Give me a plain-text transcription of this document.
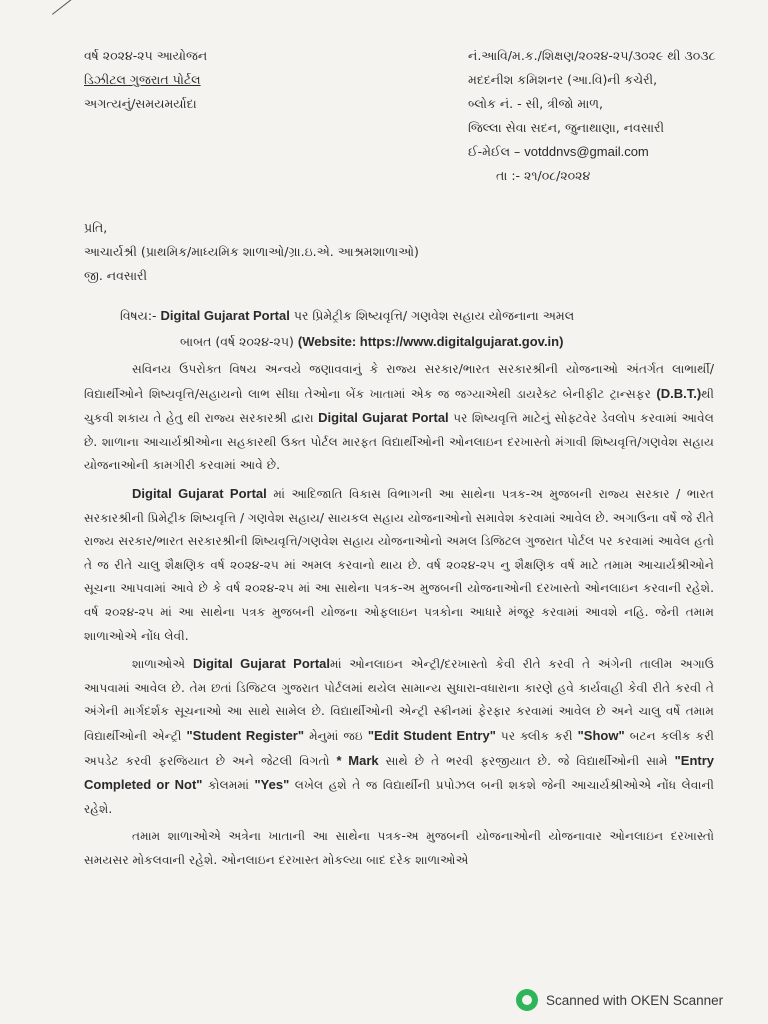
વર્ષ ૨૦૨૪-૨૫ આયોજન
ડિઝીટલ ગુજરાત પોર્ટલ
અગત્યનું/સમયમર્યાદા
નં.આવિ/મ.ક./શિક્ષણ/૨૦૨૪-૨૫/૩૦૨૯ થી ૩૦૩૮
મદદનીશ કમિશનર (આ.વિ)ની કચેરી,
બ્લોક નં. - સી, ત્રીજો માળ,
જિલ્લા સેવા સદન, જુનાથાણા, નવસારી
ઈ-મેઈલ – votddnvs@gmail.com
તા :- ૨૧/૦૮/૨૦૨૪
પ્રતિ,
આચાર્યશ્રી (પ્રાથમિક/માધ્યમિક શાળાઓ/ગ્રા.ઇ.એ. આશ્રમશાળાઓ)
જી. નવસારી
વિષય:- Digital Gujarat Portal પર પ્રિમેટ્રીક શિષ્યવૃત્તિ/ ગણવેશ સહાય યોજનાના અમલ
બાબત (વર્ષ ૨૦૨૪-૨૫) (Website: https://www.digitalgujarat.gov.in)

સવિનય ઉપરોક્ત વિષય અન્વયે જણાવવાનું કે રાજ્ય સરકાર/ભારત સરકારશ્રીની યોજનાઓ અંતર્ગત લાભાર્થી/વિદ્યાર્થીઓને શિષ્યવૃત્તિ/સહાયનો લાભ સીધા તેઓના બેંક ખાતામાં એક જ જગ્યાએથી ડાયરેક્ટ બેનીફીટ ટ્રાન્સફર (D.B.T.)થી ચુકવી શકાય તે હેતુ થી રાજ્ય સરકારશ્રી દ્વારા Digital Gujarat Portal પર શિષ્યવૃત્તિ માટેનું સોફ્ટવેર ડેવલોપ કરવામાં આવેલ છે. શાળાના આચાર્યશ્રીઓના સહકારથી ઉક્ત પોર્ટલ મારફત વિદ્યાર્થીઓની ઓનલાઇન દરખાસ્તો મંગાવી શિષ્યવૃત્તિ/ગણવેશ સહાય યોજનાઓની કામગીરી કરવામાં આવે છે.

Digital Gujarat Portal માં આદિજાતિ વિકાસ વિભાગની આ સાથેના પત્રક-અ મુજબની રાજ્ય સરકાર / ભારત સરકારશ્રીની પ્રિમેટ્રીક શિષ્યવૃત્તિ / ગણવેશ સહાય/ સાયકલ સહાય યોજનાઓનો સમાવેશ કરવામાં આવેલ છે. અગાઉના વર્ષે જે રીતે રાજ્ય સરકાર/ભારત સરકારશ્રીની શિષ્યવૃત્તિ/ગણવેશ સહાય યોજનાઓનો અમલ ડિજિટલ ગુજરાત પોર્ટલ પર કરવામાં આવેલ હતો તે જ રીતે ચાલુ શૈક્ષણિક વર્ષ ૨૦૨૪-૨૫ માં અમલ કરવાનો થાય છે. વર્ષ ૨૦૨૪-૨૫ નુ શૈક્ષણિક વર્ષ માટે તમામ આચાર્યશ્રીઓને સૂચના આપવામાં આવે છે કે વર્ષ ૨૦૨૪-૨૫ માં આ સાથેના પત્રક-અ મુજબની યોજનાઓની દરખાસ્તો ઓનલાઇન કરવાની રહેશે. વર્ષ ૨૦૨૪-૨૫ માં આ સાથેના પત્રક મુજબની યોજના ઓફલાઇન પત્રકોના આધારે મંજૂર કરવામાં આવશે નહિ. જેની તમામ શાળાઓએ નોંધ લેવી.

શાળાઓએ Digital Gujarat Portalમાં ઓનલાઇન એન્ટ્રી/દરખાસ્તો કેવી રીતે કરવી તે અંગેની તાલીમ અગાઉ આપવામાં આવેલ છે. તેમ છતાં ડિજિટલ ગુજરાત પોર્ટલમાં થયેલ સામાન્ય સુધારા-વધારાના કારણે હવે કાર્યવાહી કેવી રીતે કરવી તે અંગેની માર્ગદર્શક સૂચનાઓ આ સાથે સામેલ છે. વિદ્યાર્થીઓની એન્ટ્રી સ્ક્રીનમાં ફેરફાર કરવામાં આવેલ છે અને ચાલુ વર્ષે તમામ વિદ્યાર્થીઓની એન્ટ્રી "Student Register" મેનુમાં જઇ "Edit Student Entry" પર ક્લીક કરી "Show" બટન કલીક કરી અપડેટ કરવી ફરજિયાત છે અને જેટલી વિગતો * Mark સાથે છે તે ભરવી ફરજીયાત છે. જે વિદ્યાર્થીઓની સામે "Entry Completed or Not" કોલમમાં "Yes" લખેલ હશે તે જ વિદ્યાર્થીની પ્રપોઝલ બની શકશે જેની આચાર્યશ્રીઓએ નોંધ લેવાની રહેશે.

તમામ શાળાઓએ અત્રેના ખાતાની આ સાથેના પત્રક-અ મુજબની યોજનાઓની યોજનાવાર ઓનલાઇન દરખાસ્તો સમયસર મોકલવાની રહેશે. ઓનલાઇન દરખાસ્ત મોકલ્યા બાદ દરેક શાળાઓએ

Scanned with OKEN Scanner
